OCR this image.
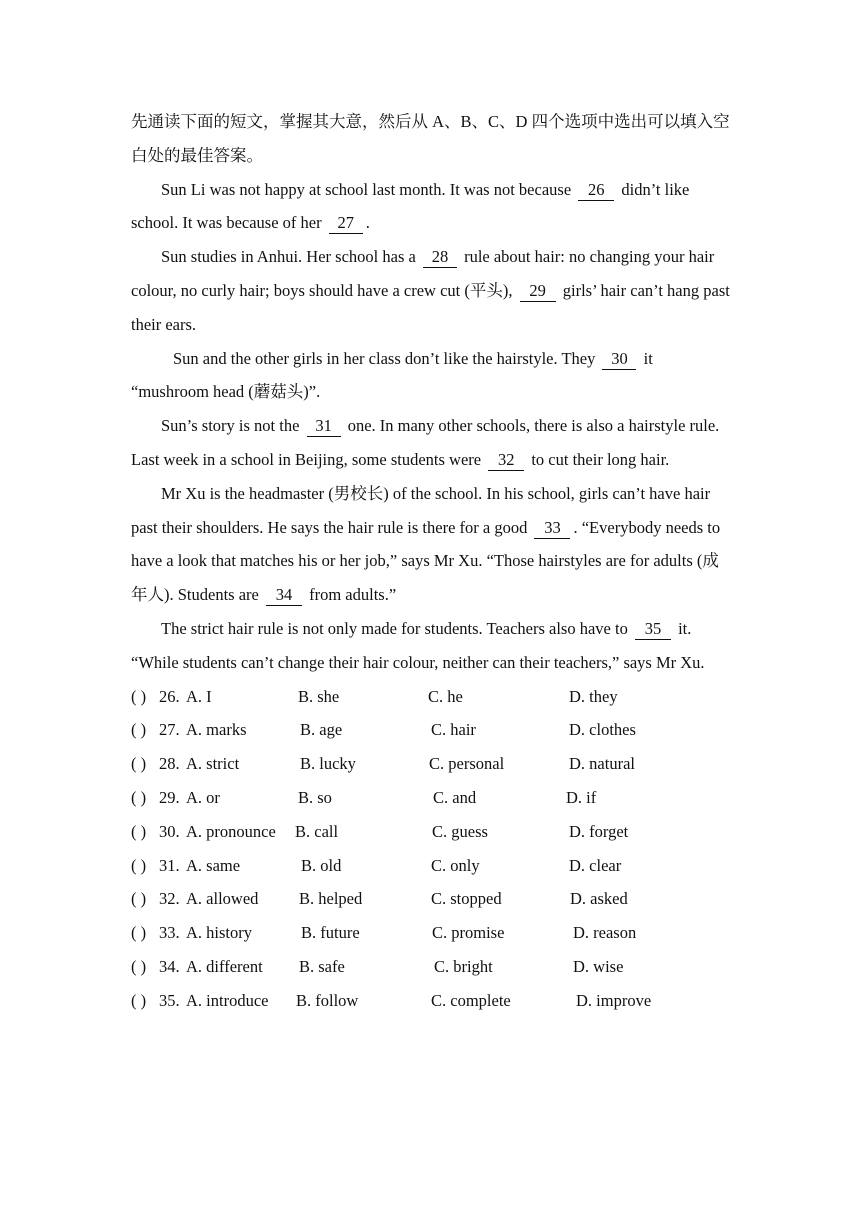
先通读下面的短文，掌握其大意，然后从 A、B、C、D 四个选项中选出可以填入空白处的最佳答案。

Sun Li was not happy at school last month. It was not because 26 didn’t like school. It was because of her 27 .

Sun studies in Anhui. Her school has a 28 rule about hair: no changing your hair colour, no curly hair; boys should have a crew cut (平头), 29 girls’ hair can’t hang past their ears.

Sun and the other girls in her class don’t like the hairstyle. They 30 it “mushroom head (蘑菇头)”.

Sun’s story is not the 31 one. In many other schools, there is also a hairstyle rule. Last week in a school in Beijing, some students were 32 to cut their long hair.

Mr Xu is the headmaster (男校长) of the school. In his school, girls can’t have hair past their shoulders. He says the hair rule is there for a good 33 . “Everybody needs to have a look that matches his or her job,” says Mr Xu. “Those hairstyles are for adults (成年人). Students are 34 from adults.”

The strict hair rule is not only made for students. Teachers also have to 35 it. “While students can’t change their hair colour, neither can their teachers,” says Mr Xu.

( ) 26. A. I	B. she	C. he	D. they
( ) 27. A. marks	B. age	C. hair	D. clothes
( ) 28. A. strict	B. lucky	C. personal	D. natural
( ) 29. A. or	B. so	C. and	D. if
( ) 30. A. pronounce B. call	C. guess	D. forget
( ) 31. A. same	B. old	C. only	D. clear
( ) 32. A. allowed B. helped	C. stopped	D. asked
( ) 33. A. history	B. future	C. promise	D. reason
( ) 34. A. different B. safe	C. bright	D. wise
( ) 35. A. introduce B. follow	C. complete	D. improve
